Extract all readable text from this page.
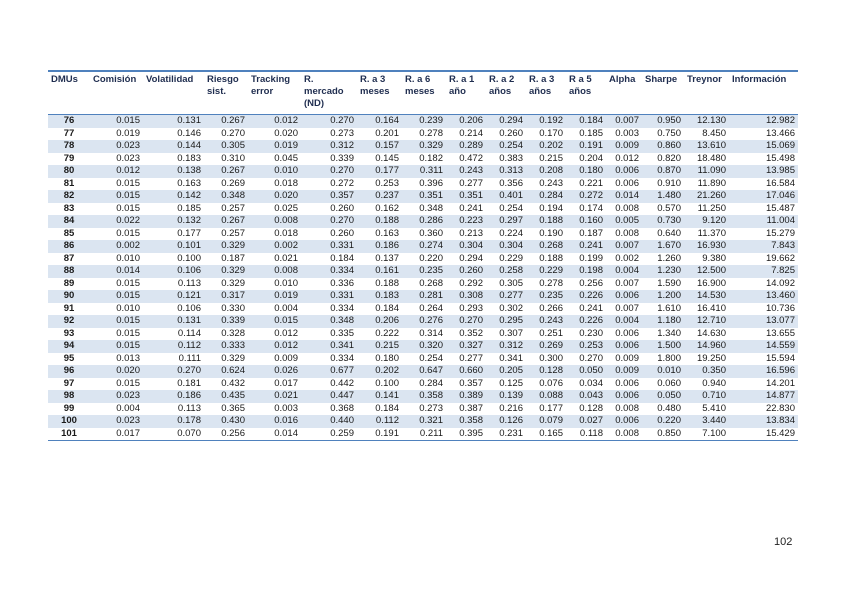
DMUs	Comisión	Volatilidad	Riesgo sist.	Tracking error	R. mercado (ND)	R. a 3 meses	R. a 6 meses	R. a 1 año	R. a 2 años	R. a 3 años	R a 5 años	Alpha	Sharpe	Treynor	Información
76	0.015	0.131	0.267	0.012	0.270	0.164	0.239	0.206	0.294	0.192	0.184	0.007	0.950	12.130	12.982
77	0.019	0.146	0.270	0.020	0.273	0.201	0.278	0.214	0.260	0.170	0.185	0.003	0.750	8.450	13.466
78	0.023	0.144	0.305	0.019	0.312	0.157	0.329	0.289	0.254	0.202	0.191	0.009	0.860	13.610	15.069
79	0.023	0.183	0.310	0.045	0.339	0.145	0.182	0.472	0.383	0.215	0.204	0.012	0.820	18.480	15.498
80	0.012	0.138	0.267	0.010	0.270	0.177	0.311	0.243	0.313	0.208	0.180	0.006	0.870	11.090	13.985
81	0.015	0.163	0.269	0.018	0.272	0.253	0.396	0.277	0.356	0.243	0.221	0.006	0.910	11.890	16.584
82	0.015	0.142	0.348	0.020	0.357	0.237	0.351	0.351	0.401	0.284	0.272	0.014	1.480	21.260	17.046
83	0.015	0.185	0.257	0.025	0.260	0.162	0.348	0.241	0.254	0.194	0.174	0.008	0.570	11.250	15.487
84	0.022	0.132	0.267	0.008	0.270	0.188	0.286	0.223	0.297	0.188	0.160	0.005	0.730	9.120	11.004
85	0.015	0.177	0.257	0.018	0.260	0.163	0.360	0.213	0.224	0.190	0.187	0.008	0.640	11.370	15.279
86	0.002	0.101	0.329	0.002	0.331	0.186	0.274	0.304	0.304	0.268	0.241	0.007	1.670	16.930	7.843
87	0.010	0.100	0.187	0.021	0.184	0.137	0.220	0.294	0.229	0.188	0.199	0.002	1.260	9.380	19.662
88	0.014	0.106	0.329	0.008	0.334	0.161	0.235	0.260	0.258	0.229	0.198	0.004	1.230	12.500	7.825
89	0.015	0.113	0.329	0.010	0.336	0.188	0.268	0.292	0.305	0.278	0.256	0.007	1.590	16.900	14.092
90	0.015	0.121	0.317	0.019	0.331	0.183	0.281	0.308	0.277	0.235	0.226	0.006	1.200	14.530	13.460
91	0.010	0.106	0.330	0.004	0.334	0.184	0.264	0.293	0.302	0.266	0.241	0.007	1.610	16.410	10.736
92	0.015	0.131	0.339	0.015	0.348	0.206	0.276	0.270	0.295	0.243	0.226	0.004	1.180	12.710	13.077
93	0.015	0.114	0.328	0.012	0.335	0.222	0.314	0.352	0.307	0.251	0.230	0.006	1.340	14.630	13.655
94	0.015	0.112	0.333	0.012	0.341	0.215	0.320	0.327	0.312	0.269	0.253	0.006	1.500	14.960	14.559
95	0.013	0.111	0.329	0.009	0.334	0.180	0.254	0.277	0.341	0.300	0.270	0.009	1.800	19.250	15.594
96	0.020	0.270	0.624	0.026	0.677	0.202	0.647	0.660	0.205	0.128	0.050	0.009	0.010	0.350	16.596
97	0.015	0.181	0.432	0.017	0.442	0.100	0.284	0.357	0.125	0.076	0.034	0.006	0.060	0.940	14.201
98	0.023	0.186	0.435	0.021	0.447	0.141	0.358	0.389	0.139	0.088	0.043	0.006	0.050	0.710	14.877
99	0.004	0.113	0.365	0.003	0.368	0.184	0.273	0.387	0.216	0.177	0.128	0.008	0.480	5.410	22.830
100	0.023	0.178	0.430	0.016	0.440	0.112	0.321	0.358	0.126	0.079	0.027	0.006	0.220	3.440	13.834
101	0.017	0.070	0.256	0.014	0.259	0.191	0.211	0.395	0.231	0.165	0.118	0.008	0.850	7.100	15.429
102
